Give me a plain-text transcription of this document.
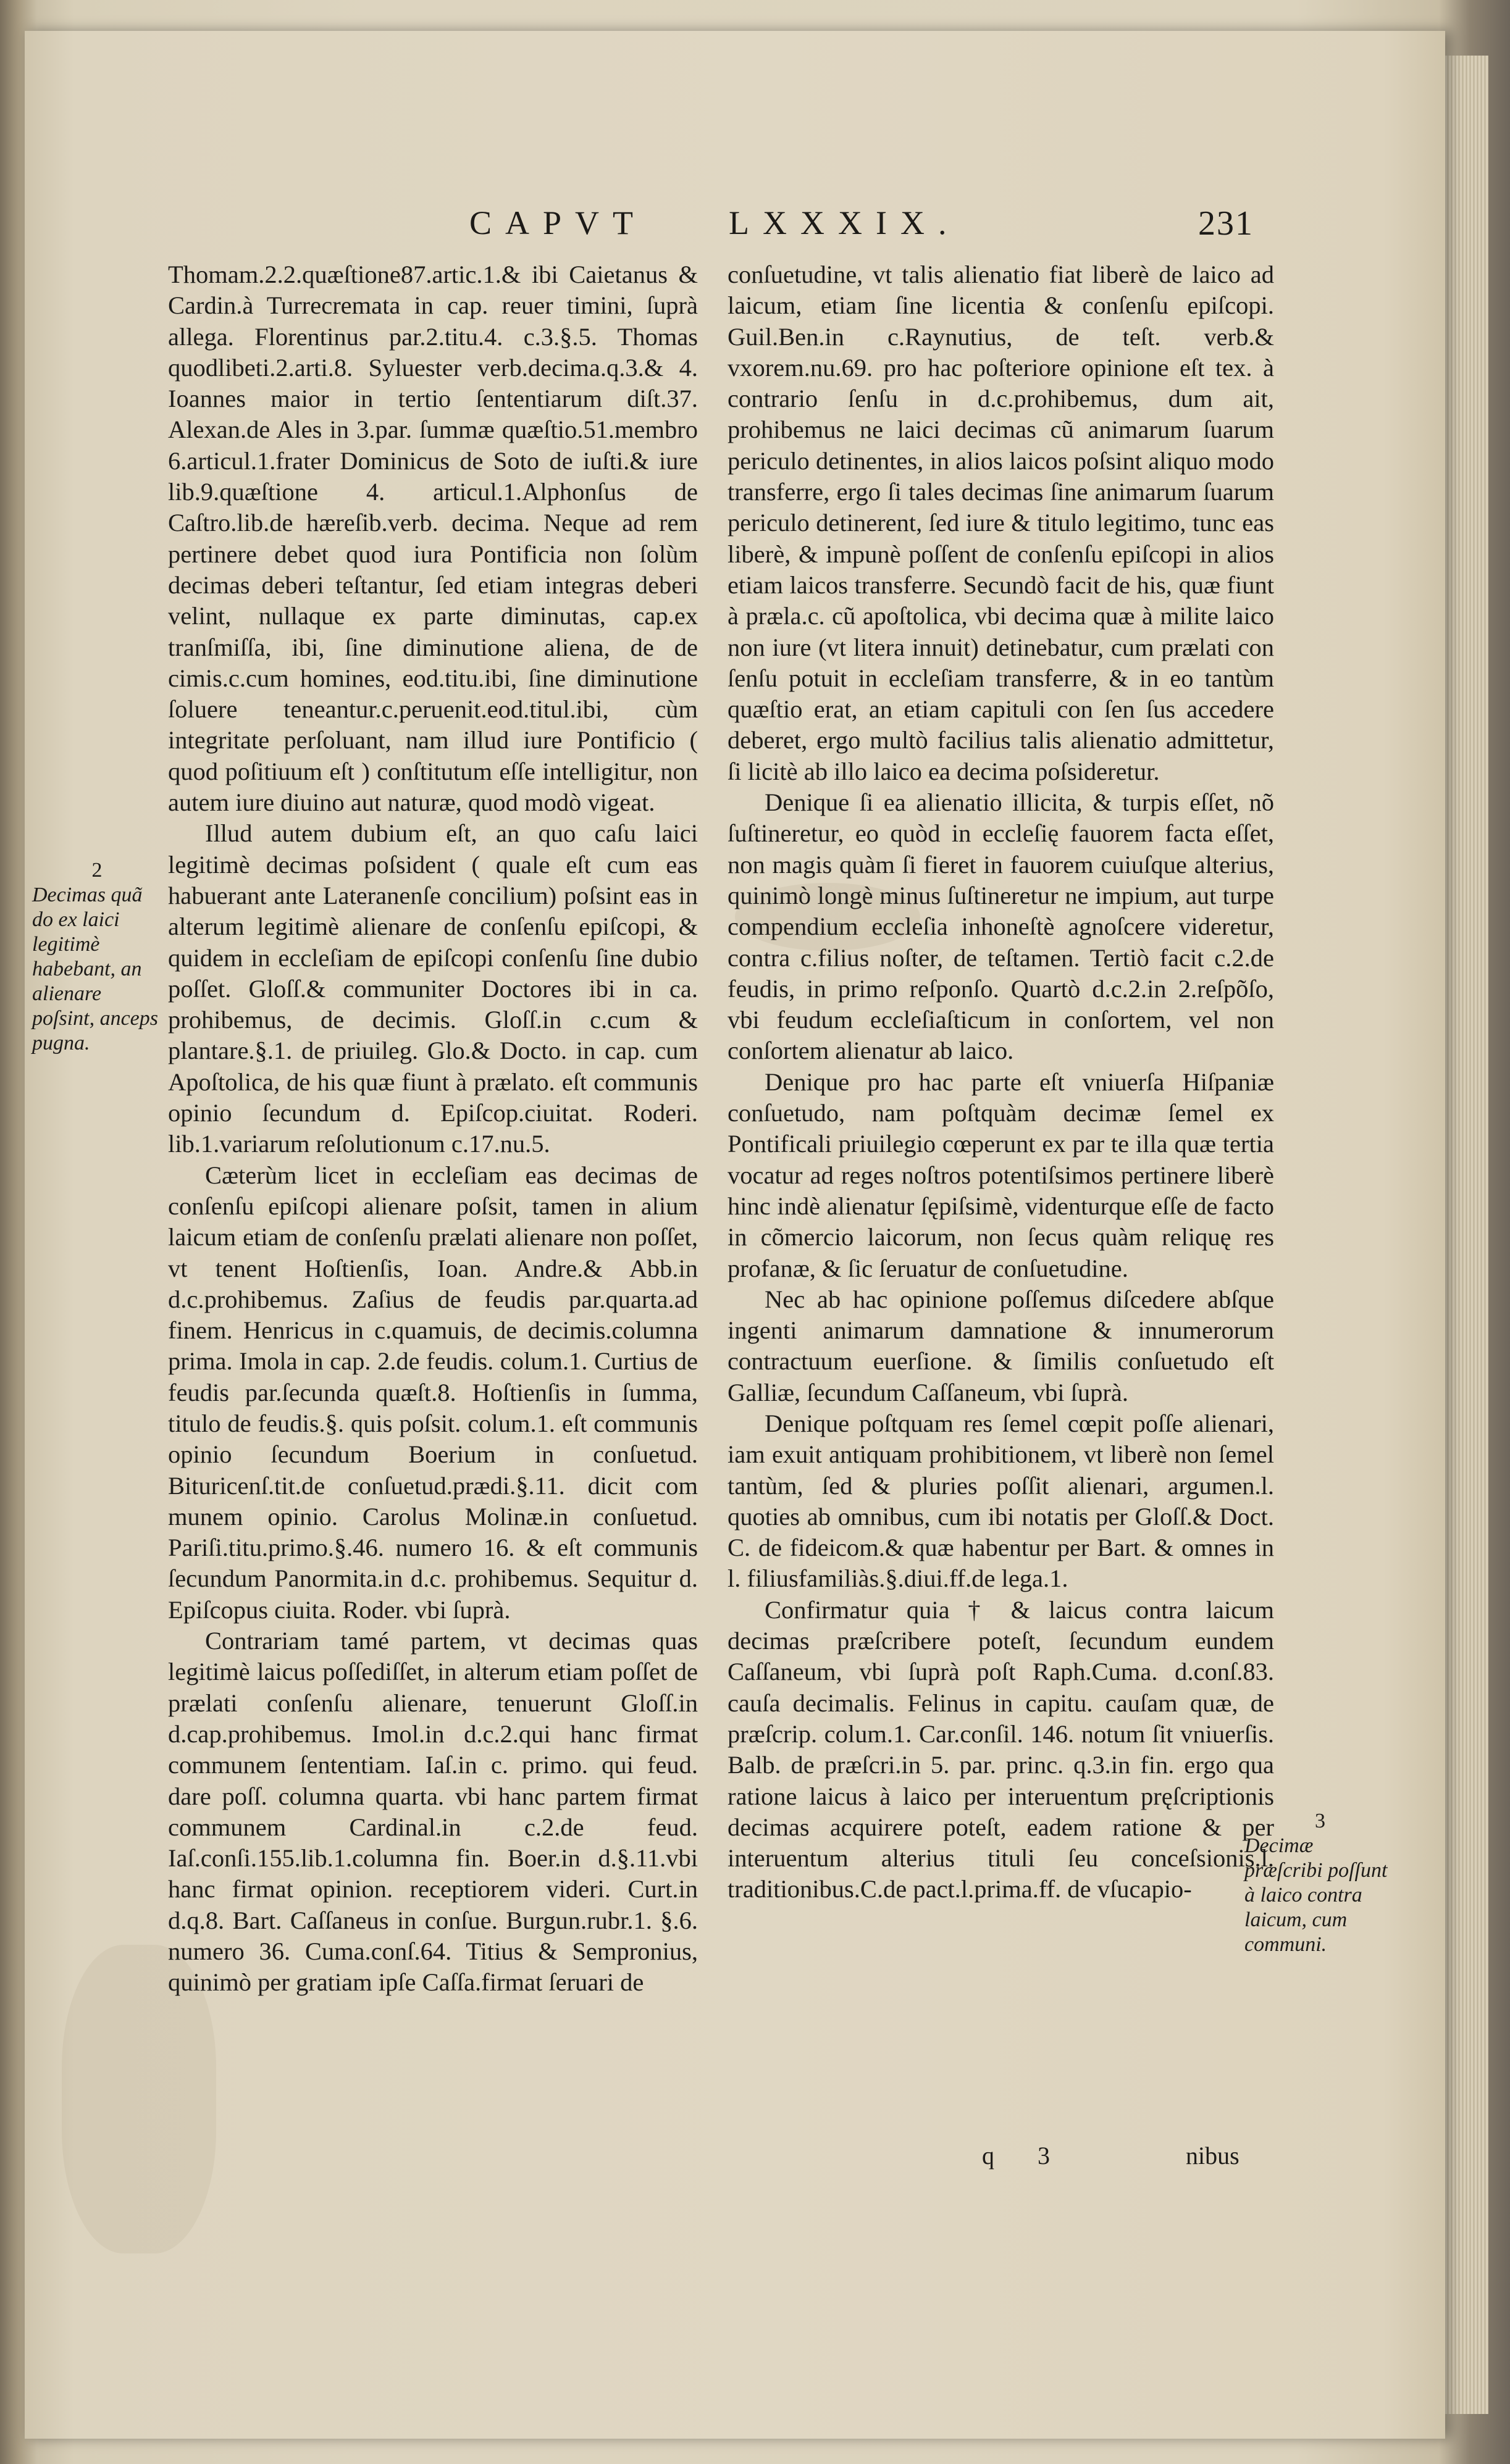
CAPVT LXXXIX.	231

Thomam.2.2.quæſtione87.artic.1.& ibi Caietanus & Cardin.à Turrecremata in cap. reuer timini, ſuprà allega. Florentinus par.2.titu.4. c.3.§.5. Thomas quodlibeti.2.arti.8. Syluester verb.decima.q.3.& 4. Ioannes maior in tertio ſententiarum diſt.37. Alexan.de Ales in 3.par. ſummæ quæſtio.51.membro 6.articul.1.frater Dominicus de Soto de iuſti.& iure lib.9.quæſtione 4. articul.1.Alphonſus de Caſtro.lib.de hæreſib.verb. decima. Neque ad rem pertinere debet quod iura Pontificia non ſolùm decimas deberi teſtantur, ſed etiam integras deberi velint, nullaque ex parte diminutas, cap.ex tranſmiſſa, ibi, ſine diminutione aliena, de de cimis.c.cum homines, eod.titu.ibi, ſine diminutione ſoluere teneantur.c.peruenit.eod.titul.ibi, cùm integritate perſoluant, nam illud iure Pontificio ( quod poſitiuum eſt ) conſtitutum eſſe intelligitur, non autem iure diuino aut naturæ, quod modò vigeat.

Illud autem dubium eſt, an quo caſu laici legitimè decimas poſsident ( quale eſt cum eas habuerant ante Lateranenſe concilium) poſsint eas in alterum legitimè alienare de conſenſu epiſcopi, & quidem in eccleſiam de epiſcopi conſenſu ſine dubio poſſet. Gloſſ.& communiter Doctores ibi in ca. prohibemus, de decimis. Gloſſ.in c.cum & plantare.§.1. de priuileg. Glo.& Docto. in cap. cum Apoſtolica, de his quæ fiunt à prælato. eſt communis opinio ſecundum d. Epiſcop.ciuitat. Roderi. lib.1.variarum reſolutionum c.17.nu.5.

Cæterùm licet in eccleſiam eas decimas de conſenſu epiſcopi alienare poſsit, tamen in alium laicum etiam de conſenſu prælati alienare non poſſet, vt tenent Hoſtienſis, Ioan. Andre.& Abb.in d.c.prohibemus. Zaſius de feudis par.quarta.ad finem. Henricus in c.quamuis, de decimis.columna prima. Imola in cap. 2.de feudis. colum.1. Curtius de feudis par.ſecunda quæſt.8. Hoſtienſis in ſumma, titulo de feudis.§. quis poſsit. colum.1. eſt communis opinio ſecundum Boerium in conſuetud. Bituricenſ.tit.de conſuetud.prædi.§.11. dicit com munem opinio. Carolus Molinæ.in conſuetud. Pariſi.titu.primo.§.46. numero 16. & eſt communis ſecundum Panormita.in d.c. prohibemus. Sequitur d. Epiſcopus ciuita. Roder. vbi ſuprà.

Contrariam tamé partem, vt decimas quas legitimè laicus poſſediſſet, in alterum etiam poſſet de prælati conſenſu alienare, tenuerunt Gloſſ.in d.cap.prohibemus. Imol.in d.c.2.qui hanc firmat communem ſententiam. Iaſ.in c. primo. qui feud. dare poſſ. columna quarta. vbi hanc partem firmat communem Cardinal.in c.2.de feud. Iaſ.conſi.155.lib.1.columna fin. Boer.in d.§.11.vbi hanc firmat opinion. receptiorem videri. Curt.in d.q.8. Bart. Caſſaneus in conſue. Burgun.rubr.1. §.6. numero 36. Cuma.conſ.64. Titius & Sempronius, quinimò per gratiam ipſe Caſſa.firmat ſeruari de

conſuetudine, vt talis alienatio fiat liberè de laico ad laicum, etiam ſine licentia & conſenſu epiſcopi. Guil.Ben.in c.Raynutius, de teſt. verb.& vxorem.nu.69. pro hac poſteriore opinione eſt tex. à contrario ſenſu in d.c.prohibemus, dum ait, prohibemus ne laici decimas cũ animarum ſuarum periculo detinentes, in alios laicos poſsint aliquo modo transferre, ergo ſi tales decimas ſine animarum ſuarum periculo detinerent, ſed iure & titulo legitimo, tunc eas liberè, & impunè poſſent de conſenſu epiſcopi in alios etiam laicos transferre. Secundò facit de his, quæ fiunt à præla.c. cũ apoſtolica, vbi decima quæ à milite laico non iure (vt litera innuit) detinebatur, cum prælati con ſenſu potuit in eccleſiam transferre, & in eo tantùm quæſtio erat, an etiam capituli con ſen ſus accedere deberet, ergo multò facilius talis alienatio admittetur, ſi licitè ab illo laico ea decima poſsideretur.

Denique ſi ea alienatio illicita, & turpis eſſet, nõ ſuſtineretur, eo quòd in eccleſię fauorem facta eſſet, non magis quàm ſi fieret in fauorem cuiuſque alterius, quinimò longè minus ſuſtineretur ne impium, aut turpe compendium eccleſia inhoneſtè agnoſcere videretur, contra c.filius noſter, de teſtamen. Tertiò facit c.2.de feudis, in primo reſponſo. Quartò d.c.2.in 2.reſpõſo, vbi feudum eccleſiaſticum in conſortem, vel non conſortem alienatur ab laico.

Denique pro hac parte eſt vniuerſa Hiſpaniæ conſuetudo, nam poſtquàm decimæ ſemel ex Pontificali priuilegio cœperunt ex par te illa quæ tertia vocatur ad reges noſtros potentiſsimos pertinere liberè hinc indè alienatur ſępiſsimè, videnturque eſſe de facto in cõmercio laicorum, non ſecus quàm reliquę res profanæ, & ſic ſeruatur de conſuetudine.

Nec ab hac opinione poſſemus diſcedere abſque ingenti animarum damnatione & innumerorum contractuum euerſione. & ſimilis conſuetudo eſt Galliæ, ſecundum Caſſaneum, vbi ſuprà.

Denique poſtquam res ſemel cœpit poſſe alienari, iam exuit antiquam prohibitionem, vt liberè non ſemel tantùm, ſed & pluries poſſit alienari, argumen.l. quoties ab omnibus, cum ibi notatis per Gloſſ.& Doct. C. de fideicom.& quæ habentur per Bart. & omnes in l. filiusfamiliàs.§.diui.ff.de lega.1.

Confirmatur quia † & laicus contra laicum decimas præſcribere poteſt, ſecundum eundem Caſſaneum, vbi ſuprà poſt Raph.Cuma. d.conſ.83. cauſa decimalis. Felinus in capitu. cauſam quæ, de præſcrip. colum.1. Car.conſil. 146. notum ſit vniuerſis. Balb. de præſcri.in 5. par. princ. q.3.in fin. ergo qua ratione laicus à laico per interuentum pręſcriptionis decimas acquirere poteſt, eadem ratione & per interuentum alterius tituli ſeu conceſsionis.l. traditionibus.C.de pact.l.prima.ff. de vſucapio-

2
Decimas quã do ex laici legitimè habebant, an alienare poſsint, anceps pugna.
3
Decimæ præſcribi poſſunt à laico contra laicum, cum communi.
q 3	nibus
